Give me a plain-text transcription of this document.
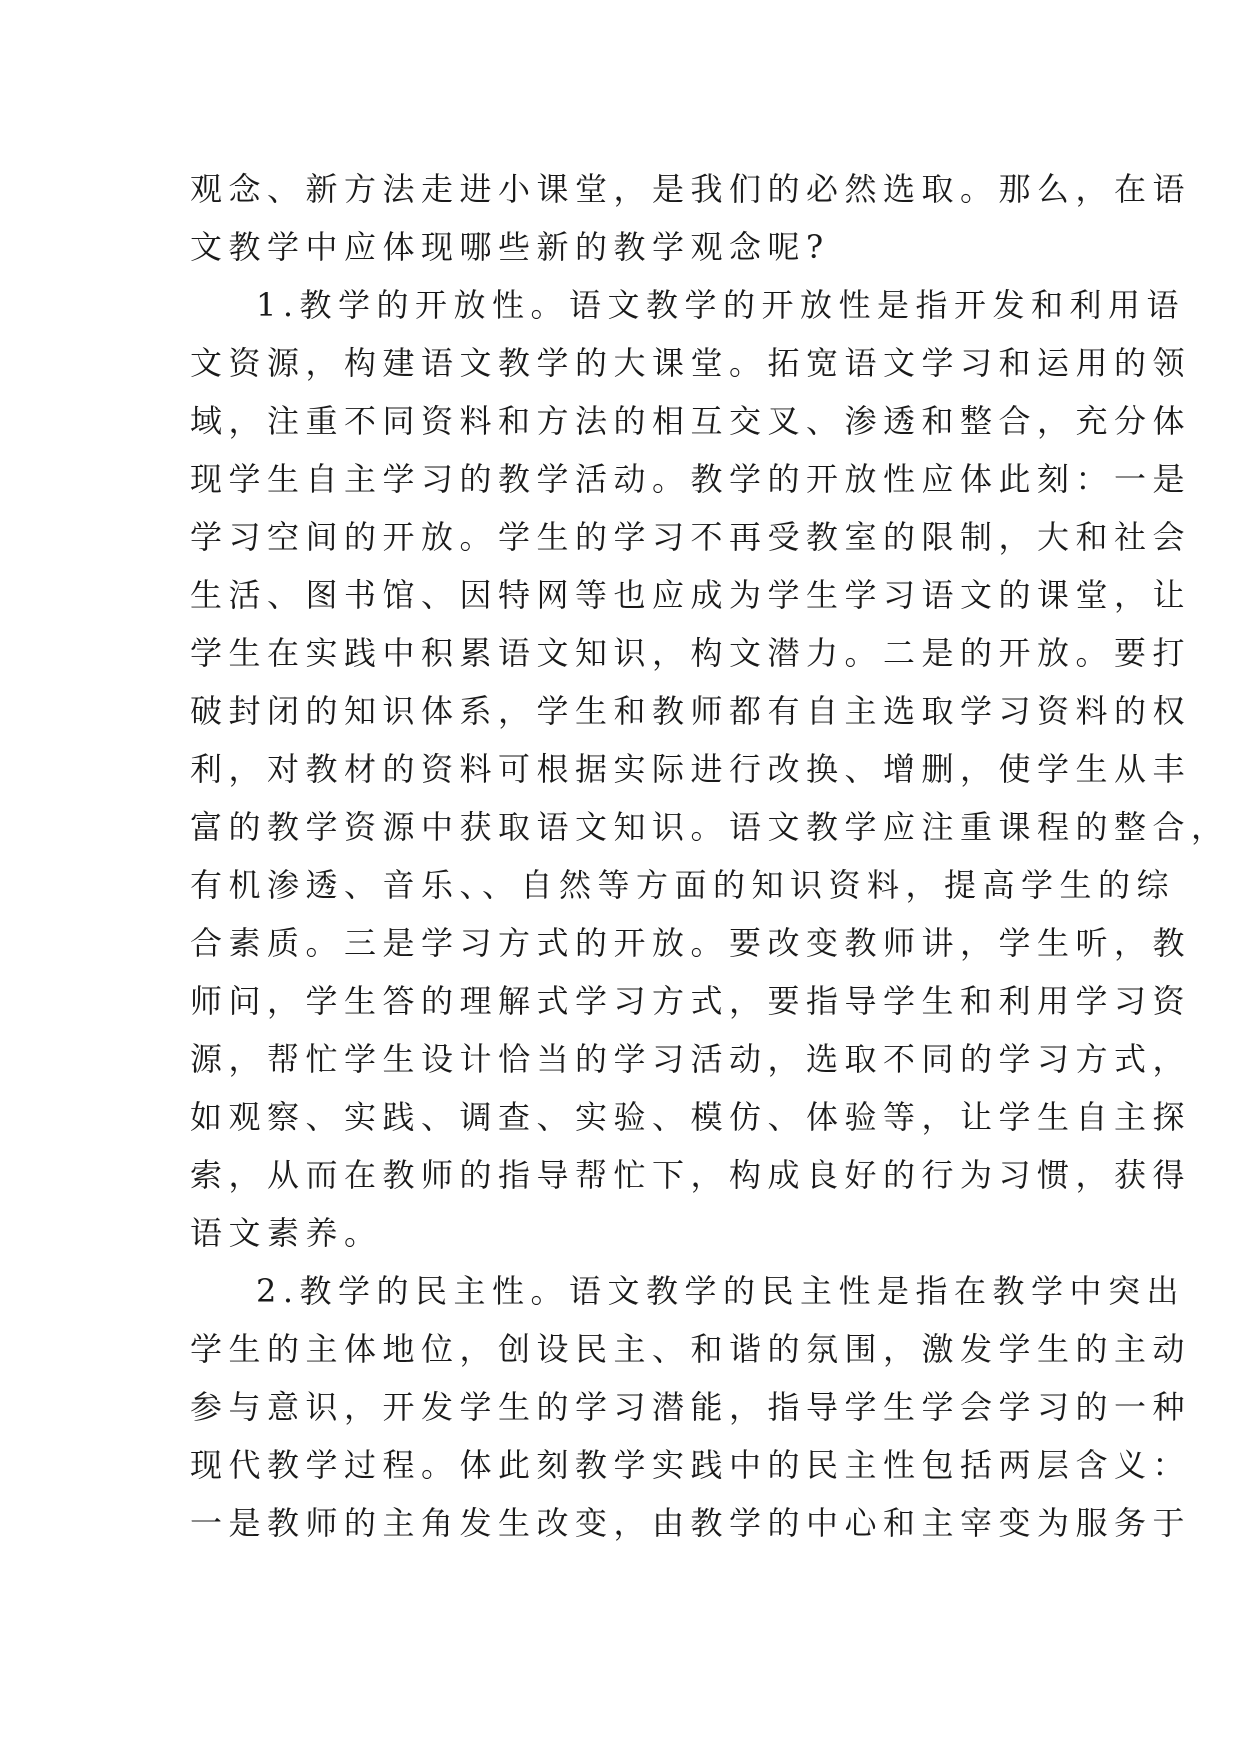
观念、新方法走进小课堂，是我们的必然选取。那么，在语
文教学中应体现哪些新的教学观念呢?
1.教学的开放性。语文教学的开放性是指开发和利用语
文资源，构建语文教学的大课堂。拓宽语文学习和运用的领
域，注重不同资料和方法的相互交叉、渗透和整合，充分体
现学生自主学习的教学活动。教学的开放性应体此刻：一是
学习空间的开放。学生的学习不再受教室的限制，大和社会
生活、图书馆、因特网等也应成为学生学习语文的课堂，让
学生在实践中积累语文知识，构文潜力。二是的开放。要打
破封闭的知识体系，学生和教师都有自主选取学习资料的权
利，对教材的资料可根据实际进行改换、增删，使学生从丰
富的教学资源中获取语文知识。语文教学应注重课程的整合，
有机渗透、音乐、、自然等方面的知识资料，提高学生的综
合素质。三是学习方式的开放。要改变教师讲，学生听，教
师问，学生答的理解式学习方式，要指导学生和利用学习资
源，帮忙学生设计恰当的学习活动，选取不同的学习方式，
如观察、实践、调查、实验、模仿、体验等，让学生自主探
索，从而在教师的指导帮忙下，构成良好的行为习惯，获得
语文素养。
2.教学的民主性。语文教学的民主性是指在教学中突出
学生的主体地位，创设民主、和谐的氛围，激发学生的主动
参与意识，开发学生的学习潜能，指导学生学会学习的一种
现代教学过程。体此刻教学实践中的民主性包括两层含义：
一是教师的主角发生改变，由教学的中心和主宰变为服务于
